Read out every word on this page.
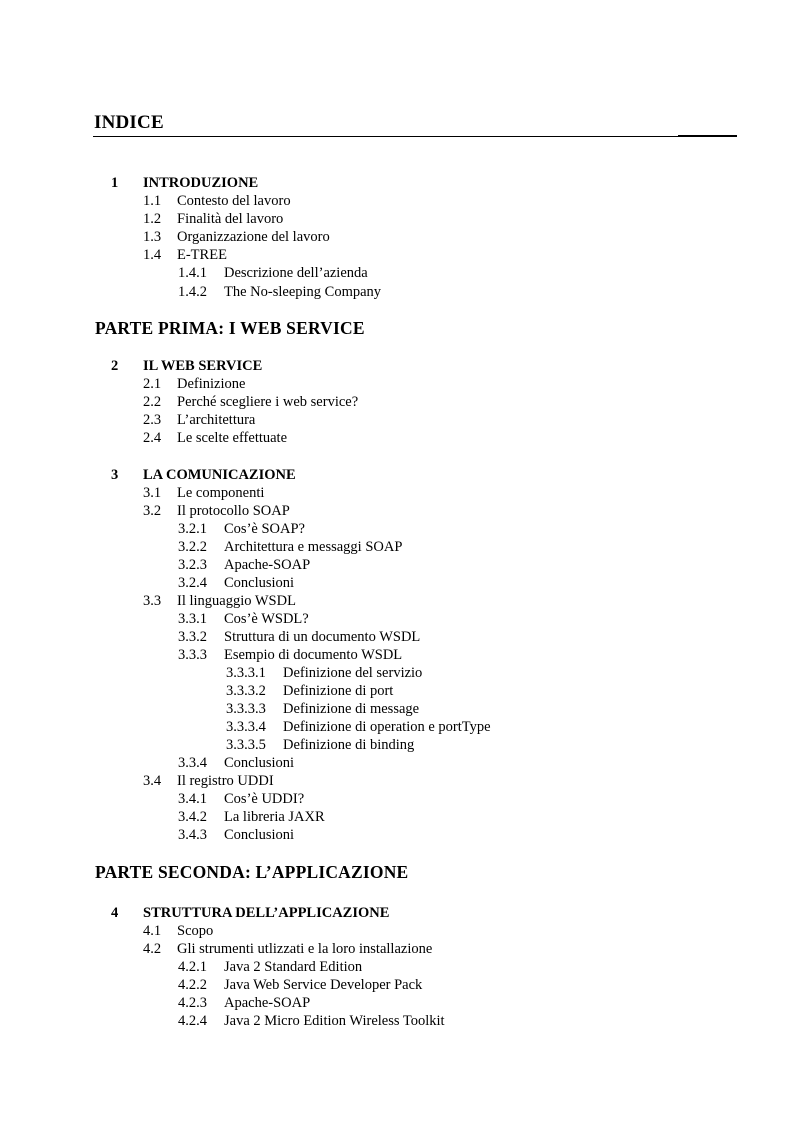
INDICE
1 INTRODUZIONE
1.1 Contesto del lavoro
1.2 Finalità del lavoro
1.3 Organizzazione del lavoro
1.4 E-TREE
1.4.1 Descrizione dell’azienda
1.4.2 The No-sleeping Company
PARTE PRIMA: I WEB SERVICE
2 IL WEB SERVICE
2.1 Definizione
2.2 Perché scegliere i web service?
2.3 L’architettura
2.4 Le scelte effettuate
3 LA COMUNICAZIONE
3.1 Le componenti
3.2 Il protocollo SOAP
3.2.1 Cos’è SOAP?
3.2.2 Architettura e messaggi SOAP
3.2.3 Apache-SOAP
3.2.4 Conclusioni
3.3 Il linguaggio WSDL
3.3.1 Cos’è WSDL?
3.3.2 Struttura di un documento WSDL
3.3.3 Esempio di documento WSDL
3.3.3.1 Definizione del servizio
3.3.3.2 Definizione di port
3.3.3.3 Definizione di message
3.3.3.4 Definizione di operation e portType
3.3.3.5 Definizione di binding
3.3.4 Conclusioni
3.4 Il registro UDDI
3.4.1 Cos’è UDDI?
3.4.2 La libreria JAXR
3.4.3 Conclusioni
PARTE SECONDA: L’APPLICAZIONE
4 STRUTTURA DELL’APPLICAZIONE
4.1 Scopo
4.2 Gli strumenti utlizzati e la loro installazione
4.2.1 Java 2 Standard Edition
4.2.2 Java Web Service Developer Pack
4.2.3 Apache-SOAP
4.2.4 Java 2 Micro Edition Wireless Toolkit
